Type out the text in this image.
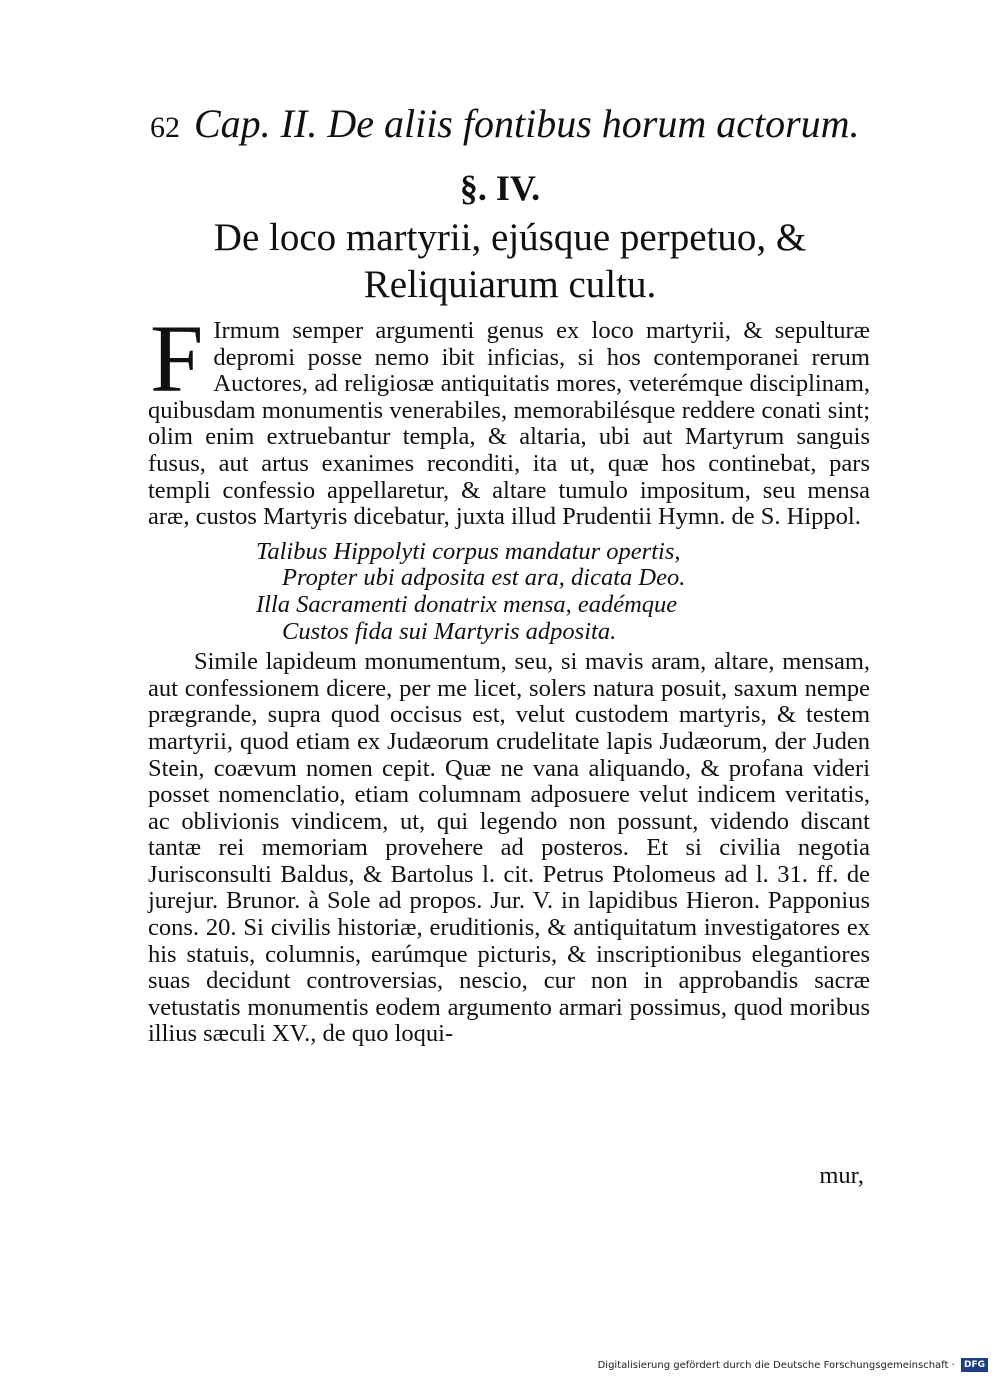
62 Cap. II. De aliis fontibus horum actorum.
§. IV.
De loco martyrii, ejúsque perpetuo, & Reliquiarum cultu.

F Irmum semper argumenti genus ex loco martyrii, & sepulturæ depromi posse nemo ibit inficias, si hos contemporanei rerum Auctores, ad religiosæ antiquitatis mores, veterémque disciplinam, quibusdam monumentis venerabiles, memorabilésque reddere conati sint; olim enim extruebantur templa, & altaria, ubi aut Martyrum sanguis fusus, aut artus exanimes reconditi, ita ut, quæ hos continebat, pars templi confessio appellaretur, & altare tumulo impositum, seu mensa aræ, custos Martyris dicebatur, juxta illud Prudentii Hymn. de S. Hippol.

Talibus Hippolyti corpus mandatur opertis,
Propter ubi adposita est ara, dicata Deo.
Illa Sacramenti donatrix mensa, eadémque
Custos fida sui Martyris adposita.

Simile lapideum monumentum, seu, si mavis aram, altare, mensam, aut confessionem dicere, per me licet, solers natura posuit, saxum nempe prægrande, supra quod occisus est, velut custodem martyris, & testem martyrii, quod etiam ex Judæorum crudelitate lapis Judæorum, der Juden Stein, coævum nomen cepit. Quæ ne vana aliquando, & profana videri posset nomenclatio, etiam columnam adposuere velut indicem veritatis, ac oblivionis vindicem, ut, qui legendo non possunt, videndo discant tantæ rei memoriam provehere ad posteros. Et si civilia negotia Jurisconsulti Baldus, & Bartolus l. cit. Petrus Ptolomeus ad l. 31. ff. de jurejur. Brunor. à Sole ad propos. Jur. V. in lapidibus Hieron. Papponius cons. 20. Si civilis historiæ, eruditionis, & antiquitatum investigatores ex his statuis, columnis, earúmque picturis, & inscriptionibus elegantiores suas decidunt controversias, nescio, cur non in approbandis sacræ vetustatis monumentis eodem argumento armari possimus, quod moribus illius sæculi XV., de quo loqui-

mur,
Digitalisierung gefördert durch die Deutsche Forschungsgemeinschaft · DFG
